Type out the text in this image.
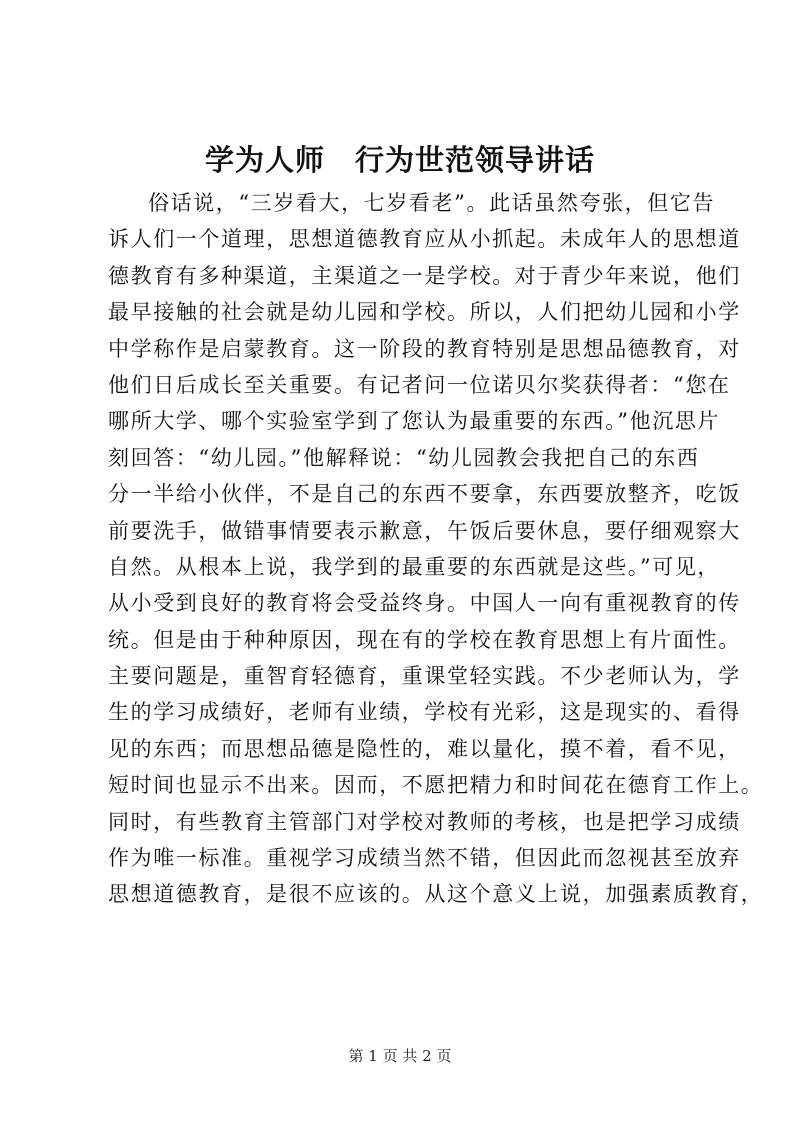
学为人师　行为世范领导讲话
俗话说，“三岁看大，七岁看老”。此话虽然夸张，但它告
诉人们一个道理，思想道德教育应从小抓起。未成年人的思想道
德教育有多种渠道，主渠道之一是学校。对于青少年来说，他们
最早接触的社会就是幼儿园和学校。所以，人们把幼儿园和小学
中学称作是启蒙教育。这一阶段的教育特别是思想品德教育，对
他们日后成长至关重要。有记者问一位诺贝尔奖获得者：“您在
哪所大学、哪个实验室学到了您认为最重要的东西。”他沉思片
刻回答：“幼儿园。”他解释说：“幼儿园教会我把自己的东西
分一半给小伙伴，不是自己的东西不要拿，东西要放整齐，吃饭
前要洗手，做错事情要表示歉意，午饭后要休息，要仔细观察大
自然。从根本上说，我学到的最重要的东西就是这些。”可见，
从小受到良好的教育将会受益终身。中国人一向有重视教育的传
统。但是由于种种原因，现在有的学校在教育思想上有片面性。
主要问题是，重智育轻德育，重课堂轻实践。不少老师认为，学
生的学习成绩好，老师有业绩，学校有光彩，这是现实的、看得
见的东西；而思想品德是隐性的，难以量化，摸不着，看不见，
短时间也显示不出来。因而，不愿把精力和时间花在德育工作上。
同时，有些教育主管部门对学校对教师的考核，也是把学习成绩
作为唯一标准。重视学习成绩当然不错，但因此而忽视甚至放弃
思想道德教育，是很不应该的。从这个意义上说，加强素质教育，
第 1 页 共 2 页
